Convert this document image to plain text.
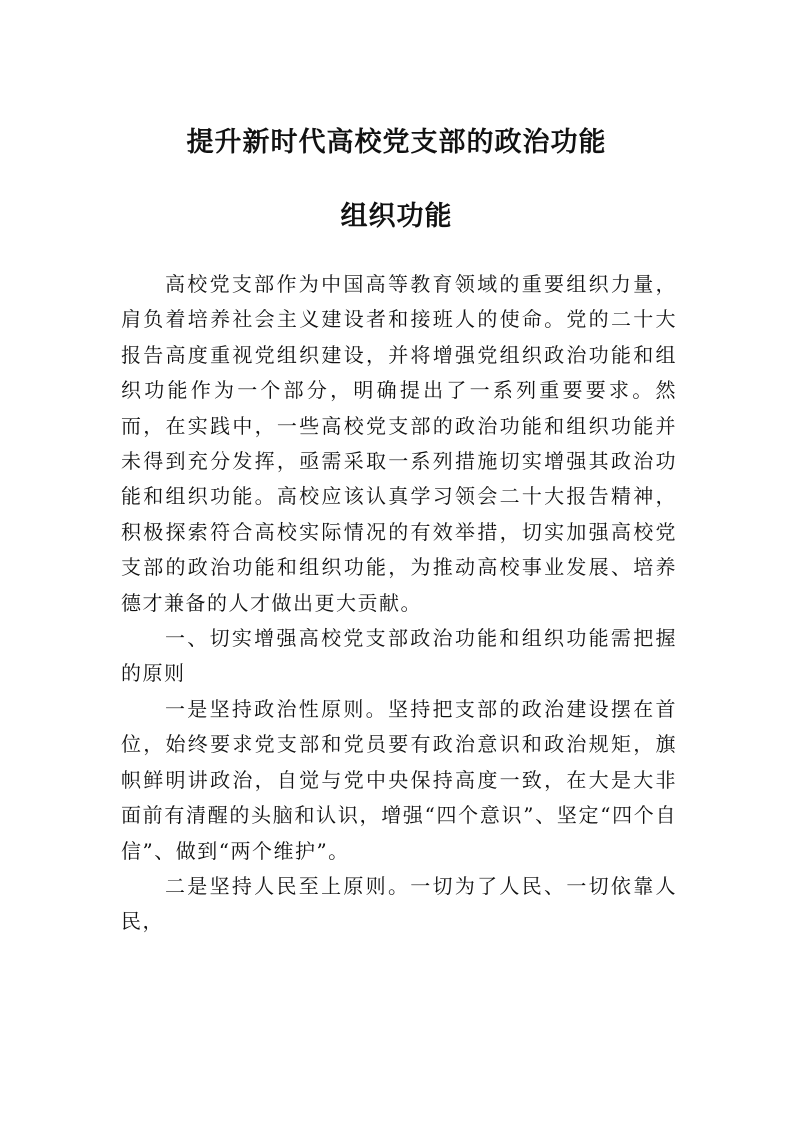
提升新时代高校党支部的政治功能
组织功能

高校党支部作为中国高等教育领域的重要组织力量，肩负着培养社会主义建设者和接班人的使命。党的二十大报告高度重视党组织建设，并将增强党组织政治功能和组织功能作为一个部分，明确提出了一系列重要要求。然而，在实践中，一些高校党支部的政治功能和组织功能并未得到充分发挥，亟需采取一系列措施切实增强其政治功能和组织功能。高校应该认真学习领会二十大报告精神，积极探索符合高校实际情况的有效举措，切实加强高校党支部的政治功能和组织功能，为推动高校事业发展、培养德才兼备的人才做出更大贡献。

一、切实增强高校党支部政治功能和组织功能需把握的原则

一是坚持政治性原则。坚持把支部的政治建设摆在首位，始终要求党支部和党员要有政治意识和政治规矩，旗帜鲜明讲政治，自觉与党中央保持高度一致，在大是大非面前有清醒的头脑和认识，增强“四个意识”、坚定“四个自信”、做到“两个维护”。

二是坚持人民至上原则。一切为了人民、一切依靠人民，
